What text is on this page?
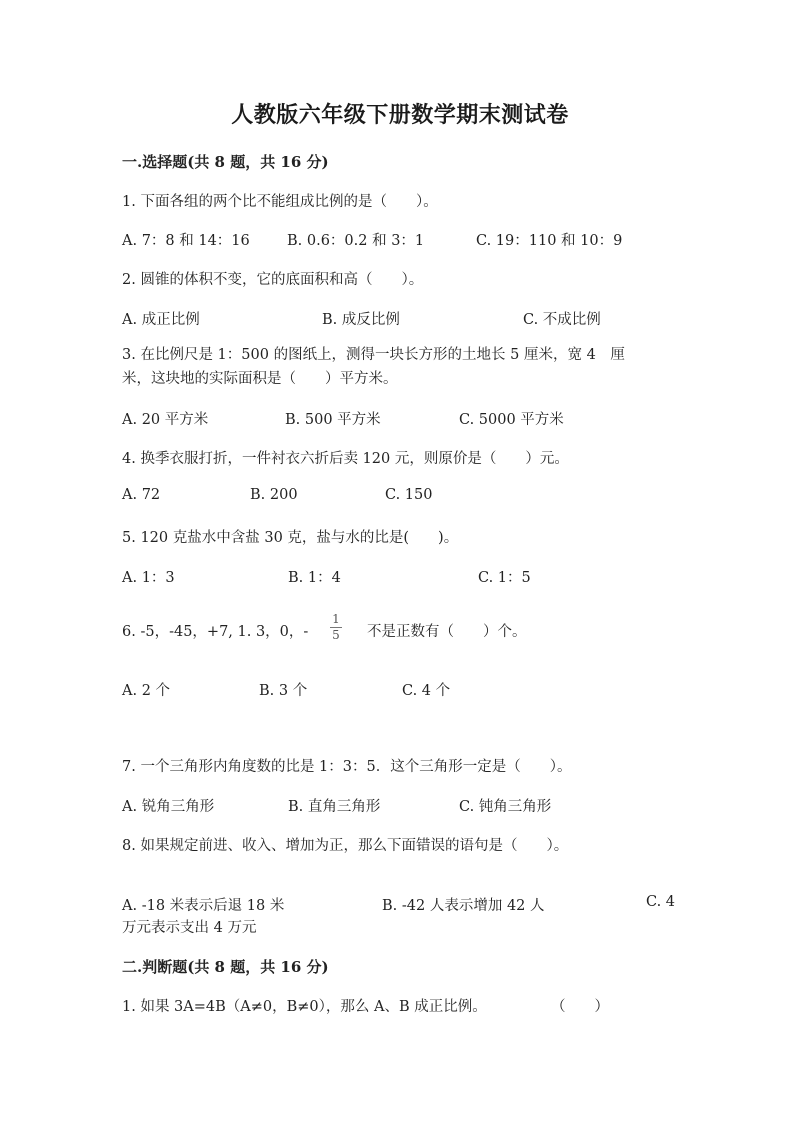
人教版六年级下册数学期末测试卷
一.选择题(共 8 题，共 16 分)
1. 下面各组的两个比不能组成比例的是（　　）。
A. 7：8 和 14：16	B. 0.6：0.2 和 3：1	C. 19：110 和 10：9
2. 圆锥的体积不变，它的底面积和高（　　）。
A. 成正比例	B. 成反比例	C. 不成比例
3. 在比例尺是 1：500 的图纸上，测得一块长方形的土地长 5 厘米，宽 4　厘米，这块地的实际面积是（　　）平方米。
A. 20 平方米	B. 500 平方米	C. 5000 平方米
4. 换季衣服打折，一件衬衣六折后卖 120 元，则原价是（　　）元。
A. 72	B. 200	C. 150
5. 120 克盐水中含盐 30 克，盐与水的比是(　　)。
A. 1：3	B. 1：4	C. 1：5
6. -5，-45，+7, 1. 3，0，-
1
5 不是正数有（　　）个。
A. 2 个	B. 3 个	C. 4 个
7. 一个三角形内角度数的比是 1：3：5．这个三角形一定是（　　）。
A. 锐角三角形	B. 直角三角形	C. 钝角三角形
8. 如果规定前进、收入、增加为正，那么下面错误的语句是（　　）。
A. -18 米表示后退 18 米	B. -42 人表示增加 42 人	C. 4
万元表示支出 4 万元
二.判断题(共 8 题，共 16 分)
1. 如果 3A=4B（A≠0，B≠0），那么 A、B 成正比例。	（　　）
